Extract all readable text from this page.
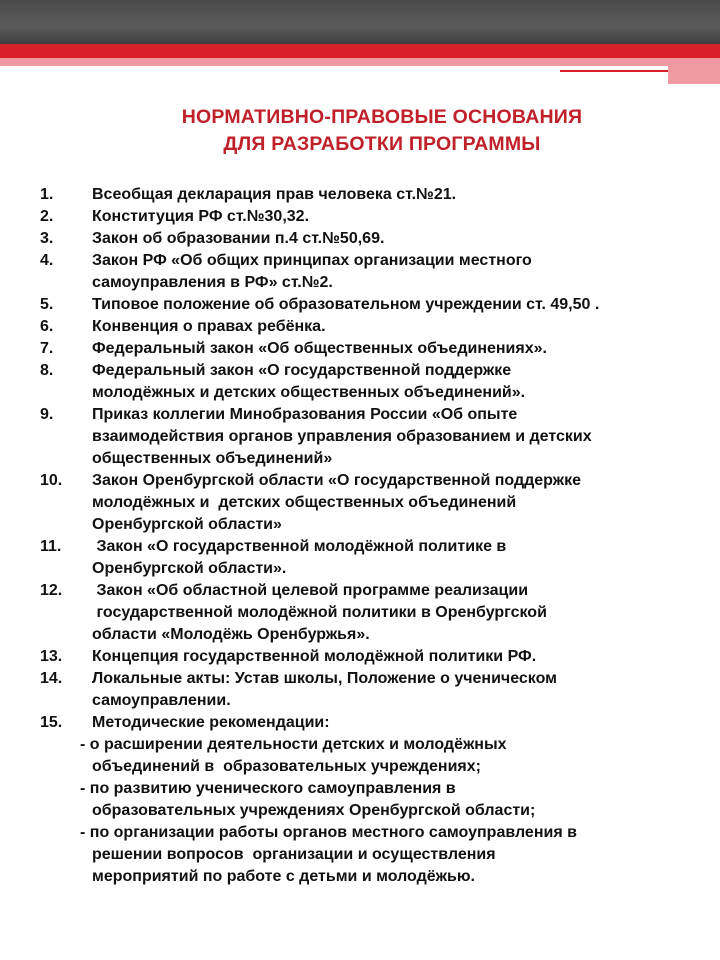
НОРМАТИВНО-ПРАВОВЫЕ ОСНОВАНИЯ
ДЛЯ РАЗРАБОТКИ ПРОГРАММЫ
1. Всеобщая декларация прав человека ст.№21.
2. Конституция РФ ст.№30,32.
3. Закон об образовании п.4 ст.№50,69.
4. Закон РФ «Об общих принципах организации местного
самоуправления в РФ» ст.№2.
5. Типовое положение об образовательном учреждении ст. 49,50 .
6. Конвенция о правах ребёнка.
7. Федеральный закон «Об общественных объединениях».
8. Федеральный закон «О государственной поддержке
молодёжных и детских общественных объединений».
9. Приказ коллегии Минобразования России «Об опыте
взаимодействия органов управления образованием и детских
общественных объединений»
10. Закон Оренбургской области «О государственной поддержке
молодёжных и  детских общественных объединений
Оренбургской области»
11. Закон «О государственной молодёжной политике в
Оренбургской области».
12. Закон «Об областной целевой программе реализации
государственной молодёжной политики в Оренбургской
области «Молодёжь Оренбуржья».
13. Концепция государственной молодёжной политики РФ.
14. Локальные акты: Устав школы, Положение о ученическом
самоуправлении.
15. Методические рекомендации:
- о расширении деятельности детских и молодёжных
объединений в  образовательных учреждениях;
- по развитию ученического самоуправления в
образовательных учреждениях Оренбургской области;
- по организации работы органов местного самоуправления в
решении вопросов  организации и осуществления
мероприятий по работе с детьми и молодёжью.
